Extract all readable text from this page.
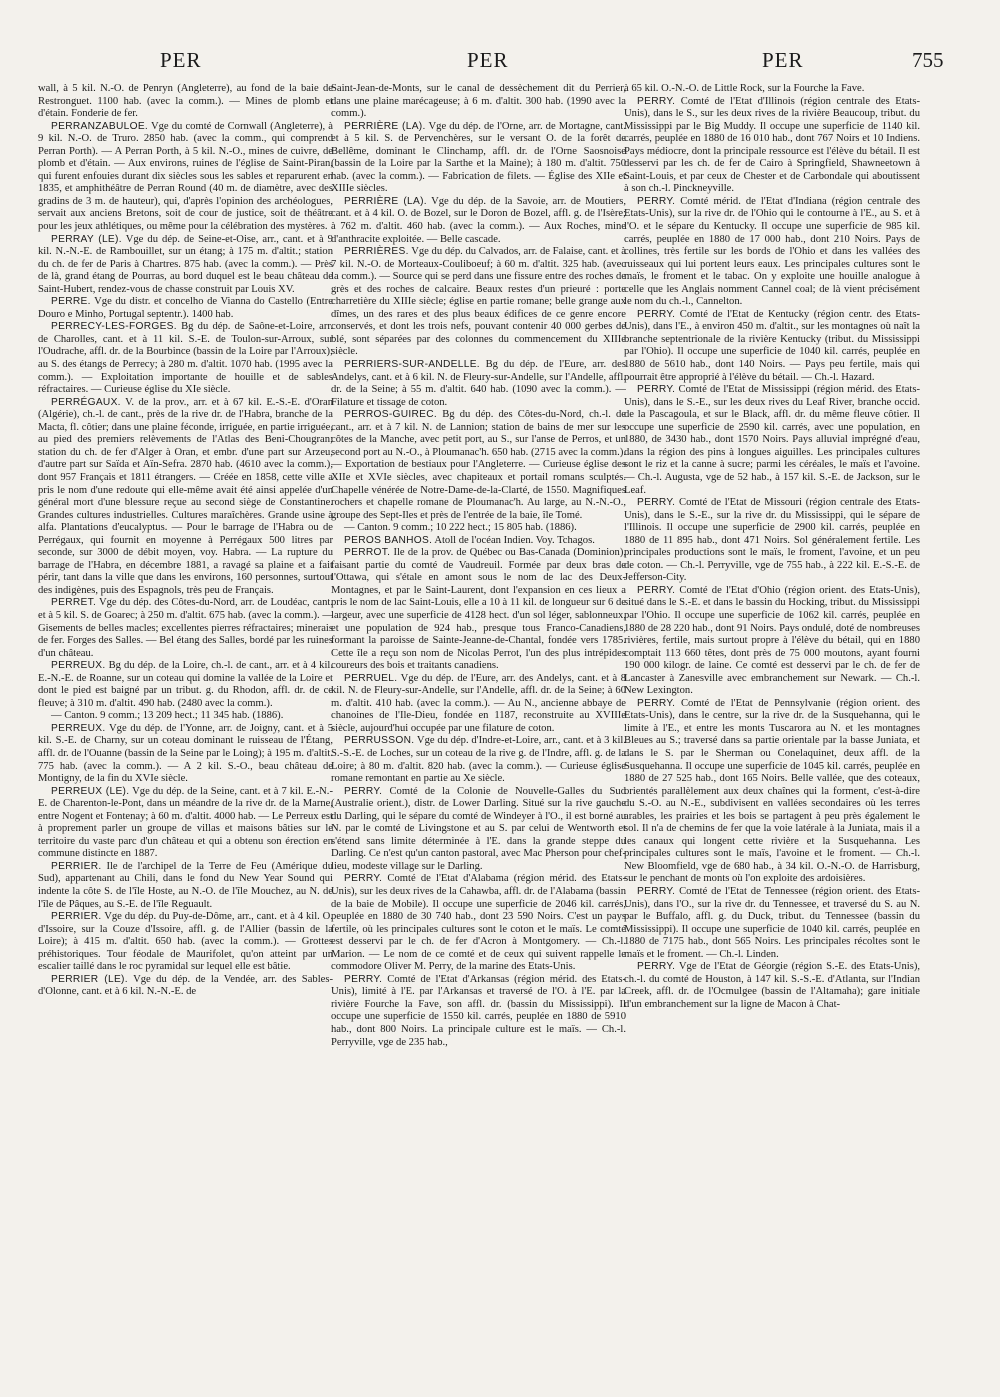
PER	PER	PER	755

wall, à 5 kil. N.-O. de Penryn (Angleterre), au fond de la baie de Restronguet. 1100 hab. (avec la comm.). — Mines de plomb et d'étain. Fonderie de fer.

PERRANZABULOE. Vge du comté de Cornwall (Angleterre), à 9 kil. N.-O. de Truro. 2850 hab. (avec la comm., qui comprend Perran Porth). — A Perran Porth, à 5 kil. N.-O., mines de cuivre, de plomb et d'étain. — Aux environs, ruines de l'église de Saint-Piran, qui furent enfouies durant dix siècles sous les sables et reparurent en 1835, et amphithéâtre de Perran Round (40 m. de diamètre, avec des gradins de 3 m. de hauteur), qui, d'après l'opinion des archéologues, servait aux anciens Bretons, soit de cour de justice, soit de théâtre pour les jeux athlétiques, ou même pour la célébration des mystères.

PERRAY (LE). Vge du dép. de Seine-et-Oise, arr., cant. et à 9 kil. N.-N.-E. de Rambouillet, sur un étang; à 175 m. d'altit.; station du ch. de fer de Paris à Chartres. 875 hab. (avec la comm.). — Près de là, grand étang de Pourras, au bord duquel est le beau château de Saint-Hubert, rendez-vous de chasse construit par Louis XV.

PERRE. Vge du distr. et concelho de Vianna do Castello (Entre Douro e Minho, Portugal septentr.). 1400 hab.

PERRECY-LES-FORGES. Bg du dép. de Saône-et-Loire, arr. de Charolles, cant. et à 11 kil. S.-E. de Toulon-sur-Arroux, sur l'Oudrache, affl. dr. de la Bourbince (bassin de la Loire par l'Arroux); au S. des étangs de Perrecy; à 280 m. d'altit. 1070 hab. (1995 avec la comm.). — Exploitation importante de houille et de sables réfractaires. — Curieuse église du XIe siècle.

PERRÉGAUX. V. de la prov., arr. et à 67 kil. E.-S.-E. d'Oran (Algérie), ch.-l. de cant., près de la rive dr. de l'Habra, branche de la Macta, fl. côtier; dans une plaine féconde, irriguée, en partie irriguée, au pied des premiers relèvements de l'Atlas des Beni-Chougran; station du ch. de fer d'Alger à Oran, et embr. d'une part sur Arzeu, d'autre part sur Saïda et Aïn-Sefra. 2870 hab. (4610 avec la comm.), dont 957 Français et 1811 étrangers. — Créée en 1858, cette ville a pris le nom d'une redoute qui elle-même avait été ainsi appelée d'un général mort d'une blessure reçue au second siège de Constantine. Grandes cultures industrielles. Cultures maraîchères. Grande usine à alfa. Plantations d'eucalyptus. — Pour le barrage de l'Habra ou de Perrégaux, qui fournit en moyenne à Perrégaux 500 litres par seconde, sur 3000 de débit moyen, voy. Habra. — La rupture du barrage de l'Habra, en décembre 1881, a ravagé sa plaine et a fait périr, tant dans la ville que dans les environs, 160 personnes, surtout des indigènes, puis des Espagnols, très peu de Français.

PERRET. Vge du dép. des Côtes-du-Nord, arr. de Loudéac, cant. et à 5 kil. S. de Goarec; à 250 m. d'altit. 675 hab. (avec la comm.). — Gisements de belles macles; excellentes pierres réfractaires; minerais de fer. Forges des Salles. — Bel étang des Salles, bordé par les ruines d'un château.

PERREUX. Bg du dép. de la Loire, ch.-l. de cant., arr. et à 4 kil. E.-N.-E. de Roanne, sur un coteau qui domine la vallée de la Loire et dont le pied est baigné par un tribut. g. du Rhodon, affl. dr. de ce fleuve; à 310 m. d'altit. 490 hab. (2480 avec la comm.).

— Canton. 9 comm.; 13 209 hect.; 11 345 hab. (1886).

PERREUX. Vge du dép. de l'Yonne, arr. de Joigny, cant. et à 5 kil. S.-E. de Charny, sur un coteau dominant le ruisseau de l'Étang, affl. dr. de l'Ouanne (bassin de la Seine par le Loing); à 195 m. d'altit. 775 hab. (avec la comm.). — A 2 kil. S.-O., beau château de Montigny, de la fin du XVIe siècle.

PERREUX (LE). Vge du dép. de la Seine, cant. et à 7 kil. E.-N.-E. de Charenton-le-Pont, dans un méandre de la rive dr. de la Marne, entre Nogent et Fontenay; à 60 m. d'altit. 4000 hab. — Le Perreux est à proprement parler un groupe de villas et maisons bâties sur le territoire du vaste parc d'un château et qui a obtenu son érection en commune distincte en 1887.

PERRIER. Ile de l'archipel de la Terre de Feu (Amérique du Sud), appartenant au Chili, dans le fond du New Year Sound qui indente la côte S. de l'île Hoste, au N.-O. de l'île Mouchez, au N. de l'île de Pâques, au S.-E. de l'île Reguault.

PERRIER. Vge du dép. du Puy-de-Dôme, arr., cant. et à 4 kil. O. d'Issoire, sur la Couze d'Issoire, affl. g. de l'Allier (bassin de la Loire); à 415 m. d'altit. 650 hab. (avec la comm.). — Grottes préhistoriques. Tour féodale de Maurifolet, qu'on atteint par un escalier taillé dans le roc pyramidal sur lequel elle est bâtie.

PERRIER (LE). Vge du dép. de la Vendée, arr. des Sables-d'Olonne, cant. et à 6 kil. N.-N.-E. de

Saint-Jean-de-Monts, sur le canal de dessèchement dit du Perrier, dans une plaine marécageuse; à 6 m. d'altit. 300 hab. (1990 avec la comm.).

PERRIÈRE (LA). Vge du dép. de l'Orne, arr. de Mortagne, cant. et à 5 kil. S. de Pervenchères, sur le versant O. de la forêt de Bellême, dominant le Clinchamp, affl. dr. de l'Orne Saosnoise (bassin de la Loire par la Sarthe et la Maine); à 180 m. d'altit. 750 hab. (avec la comm.). — Fabrication de filets. — Église des XIIe et XIIIe siècles.

PERRIÈRE (LA). Vge du dép. de la Savoie, arr. de Moutiers, cant. et à 4 kil. O. de Bozel, sur le Doron de Bozel, affl. g. de l'Isère; à 762 m. d'altit. 460 hab. (avec la comm.). — Aux Roches, mine d'anthracite exploitée. — Belle cascade.

PERRIÈRES. Vge du dép. du Calvados, arr. de Falaise, cant. et à 7 kil. N.-O. de Morteaux-Couliboeuf; à 60 m. d'altit. 325 hab. (avec la comm.). — Source qui se perd dans une fissure entre des roches de grès et des roches de calcaire. Beaux restes d'un prieuré : porte charretière du XIIIe siècle; église en partie romane; belle grange aux dîmes, un des rares et des plus beaux édifices de ce genre encore conservés, et dont les trois nefs, pouvant contenir 40 000 gerbes de blé, sont séparées par des colonnes du commencement du XIIIe siècle.

PERRIERS-SUR-ANDELLE. Bg du dép. de l'Eure, arr. des Andelys, cant. et à 6 kil. N. de Fleury-sur-Andelle, sur l'Andelle, affl. dr. de la Seine; à 55 m. d'altit. 640 hab. (1090 avec la comm.). — Filature et tissage de coton.

PERROS-GUIREC. Bg du dép. des Côtes-du-Nord, ch.-l. de cant., arr. et à 7 kil. N. de Lannion; station de bains de mer sur les côtes de la Manche, avec petit port, au S., sur l'anse de Perros, et un second port au N.-O., à Ploumanac'h. 650 hab. (2715 avec la comm.). — Exportation de bestiaux pour l'Angleterre. — Curieuse église des XIIe et XVIe siècles, avec chapiteaux et portail romans sculptés. Chapelle vénérée de Notre-Dame-de-la-Clarté, de 1550. Magnifiques rochers et chapelle romane de Ploumanac'h. Au large, au N.-N.-O., groupe des Sept-Iles et près de l'entrée de la baie, île Tomé.

— Canton. 9 comm.; 10 222 hect.; 15 805 hab. (1886).

PEROS BANHOS. Atoll de l'océan Indien. Voy. Tchagos.

PERROT. Ile de la prov. de Québec ou Bas-Canada (Dominion), faisant partie du comté de Vaudreuil. Formée par deux bras de l'Ottawa, qui s'étale en amont sous le nom de lac des Deux-Montagnes, et par le Saint-Laurent, dont l'expansion en ces lieux a pris le nom de lac Saint-Louis, elle a 10 à 11 kil. de longueur sur 6 de largeur, avec une superficie de 4128 hect. d'un sol léger, sablonneux, et une population de 924 hab., presque tous Franco-Canadiens, formant la paroisse de Sainte-Jeanne-de-Chantal, fondée vers 1785. Cette île a reçu son nom de Nicolas Perrot, l'un des plus intrépides coureurs des bois et traitants canadiens.

PERRUEL. Vge du dép. de l'Eure, arr. des Andelys, cant. et à 8 kil. N. de Fleury-sur-Andelle, sur l'Andelle, affl. dr. de la Seine; à 60 m. d'altit. 410 hab. (avec la comm.). — Au N., ancienne abbaye de chanoines de l'Ile-Dieu, fondée en 1187, reconstruite au XVIIIe siècle, aujourd'hui occupée par une filature de coton.

PERRUSSON. Vge du dép. d'Indre-et-Loire, arr., cant. et à 3 kil. S.-S.-E. de Loches, sur un coteau de la rive g. de l'Indre, affl. g. de la Loire; à 80 m. d'altit. 820 hab. (avec la comm.). — Curieuse église romane remontant en partie au Xe siècle.

PERRY. Comté de la Colonie de Nouvelle-Galles du Sud (Australie orient.), distr. de Lower Darling. Situé sur la rive gauche du Darling, qui le sépare du comté de Windeyer à l'O., il est borné au N. par le comté de Livingstone et au S. par celui de Wentworth et s'étend sans limite déterminée à l'E. dans la grande steppe du Darling. Ce n'est qu'un canton pastoral, avec Mac Pherson pour chef-lieu, modeste village sur le Darling.

PERRY. Comté de l'Etat d'Alabama (région mérid. des Etats-Unis), sur les deux rives de la Cahawba, affl. dr. de l'Alabama (bassin de la baie de Mobile). Il occupe une superficie de 2046 kil. carrés, peuplée en 1880 de 30 740 hab., dont 23 590 Noirs. C'est un pays fertile, où les principales cultures sont le coton et le maïs. Le comté est desservi par le ch. de fer d'Acron à Montgomery. — Ch.-l. Marion. — Le nom de ce comté et de ceux qui suivent rappelle le commodore Oliver M. Perry, de la marine des Etats-Unis.

PERRY. Comté de l'Etat d'Arkansas (région mérid. des Etats-Unis), limité à l'E. par l'Arkansas et traversé de l'O. à l'E. par la rivière Fourche la Fave, son affl. dr. (bassin du Mississippi). Il occupe une superficie de 1550 kil. carrés, peuplée en 1880 de 5910 hab., dont 800 Noirs. La principale culture est le maïs. — Ch.-l. Perryville, vge de 235 hab.,

à 65 kil. O.-N.-O. de Little Rock, sur la Fourche la Fave.

PERRY. Comté de l'Etat d'Illinois (région centrale des Etats-Unis), dans le S., sur les deux rives de la rivière Beaucoup, tribut. du Mississippi par le Big Muddy. Il occupe une superficie de 1140 kil. carrés, peuplée en 1880 de 16 010 hab., dont 767 Noirs et 10 Indiens. Pays médiocre, dont la principale ressource est l'élève du bétail. Il est desservi par les ch. de fer de Cairo à Springfield, Shawneetown à Saint-Louis, et par ceux de Chester et de Carbondale qui aboutissent à son ch.-l. Pinckneyville.

PERRY. Comté mérid. de l'Etat d'Indiana (région centrale des Etats-Unis), sur la rive dr. de l'Ohio qui le contourne à l'E., au S. et à l'O. et le sépare du Kentucky. Il occupe une superficie de 985 kil. carrés, peuplée en 1880 de 17 000 hab., dont 210 Noirs. Pays de collines, très fertile sur les bords de l'Ohio et dans les vallées des ruisseaux qui lui portent leurs eaux. Les principales cultures sont le maïs, le froment et le tabac. On y exploite une houille analogue à celle que les Anglais nomment Cannel coal; de là vient précisément le nom du ch.-l., Cannelton.

PERRY. Comté de l'Etat de Kentucky (région centr. des Etats-Unis), dans l'E., à environ 450 m. d'altit., sur les montagnes où naît la branche septentrionale de la rivière Kentucky (tribut. du Mississippi par l'Ohio). Il occupe une superficie de 1040 kil. carrés, peuplée en 1880 de 5610 hab., dont 140 Noirs. — Pays peu fertile, mais qui pourrait être approprié à l'élève du bétail. — Ch.-l. Hazard.

PERRY. Comté de l'Etat de Mississippi (région mérid. des Etats-Unis), dans le S.-E., sur les deux rives du Leaf River, branche occid. de la Pascagoula, et sur le Black, affl. dr. du même fleuve côtier. Il occupe une superficie de 2590 kil. carrés, avec une population, en 1880, de 3430 hab., dont 1570 Noirs. Pays alluvial imprégné d'eau, dans la région des pins à longues aiguilles. Les principales cultures sont le riz et la canne à sucre; parmi les céréales, le maïs et l'avoine. — Ch.-l. Augusta, vge de 52 hab., à 157 kil. S.-E. de Jackson, sur le Leaf.

PERRY. Comté de l'Etat de Missouri (région centrale des Etats-Unis), dans le S.-E., sur la rive dr. du Mississippi, qui le sépare de l'Illinois. Il occupe une superficie de 2900 kil. carrés, peuplée en 1880 de 11 895 hab., dont 471 Noirs. Sol généralement fertile. Les principales productions sont le maïs, le froment, l'avoine, et un peu de coton. — Ch.-l. Perryville, vge de 755 hab., à 222 kil. E.-S.-E. de Jefferson-City.

PERRY. Comté de l'Etat d'Ohio (région orient. des Etats-Unis), situé dans le S.-E. et dans le bassin du Hocking, tribut. du Mississippi par l'Ohio. Il occupe une superficie de 1062 kil. carrés, peuplée en 1880 de 28 220 hab., dont 91 Noirs. Pays ondulé, doté de nombreuses rivières, fertile, mais surtout propre à l'élève du bétail, qui en 1880 comptait 113 660 têtes, dont près de 75 000 moutons, ayant fourni 190 000 kilogr. de laine. Ce comté est desservi par le ch. de fer de Lancaster à Zanesville avec embranchement sur Newark. — Ch.-l. New Lexington.

PERRY. Comté de l'Etat de Pennsylvanie (région orient. des Etats-Unis), dans le centre, sur la rive dr. de la Susquehanna, qui le limite à l'E., et entre les monts Tuscarora au N. et les montagnes Bleues au S.; traversé dans sa partie orientale par la basse Juniata, et dans le S. par le Sherman ou Conelaquinet, deux affl. de la Susquehanna. Il occupe une superficie de 1045 kil. carrés, peuplée en 1880 de 27 525 hab., dont 165 Noirs. Belle vallée, que des coteaux, orientés parallèlement aux deux chaînes qui la forment, c'est-à-dire du S.-O. au N.-E., subdivisent en vallées secondaires où les terres arables, les prairies et les bois se partagent à peu près également le sol. Il n'a de chemins de fer que la voie latérale à la Juniata, mais il a les canaux qui longent cette rivière et la Susquehanna. Les principales cultures sont le maïs, l'avoine et le froment. — Ch.-l. New Bloomfield, vge de 680 hab., à 34 kil. O.-N.-O. de Harrisburg, sur le penchant de monts où l'on exploite des ardoisières.

PERRY. Comté de l'Etat de Tennessee (région orient. des Etats-Unis), dans l'O., sur la rive dr. du Tennessee, et traversé du S. au N. par le Buffalo, affl. g. du Duck, tribut. du Tennessee (bassin du Mississippi). Il occupe une superficie de 1040 kil. carrés, peuplée en 1880 de 7175 hab., dont 565 Noirs. Les principales récoltes sont le maïs et le froment. — Ch.-l. Linden.

PERRY. Vge de l'Etat de Géorgie (région S.-E. des Etats-Unis), ch.-l. du comté de Houston, à 147 kil. S.-S.-E. d'Atlanta, sur l'Indian Creek, affl. dr. de l'Ocmulgee (bassin de l'Altamaha); gare initiale d'un embranchement sur la ligne de Macon à Chat-
